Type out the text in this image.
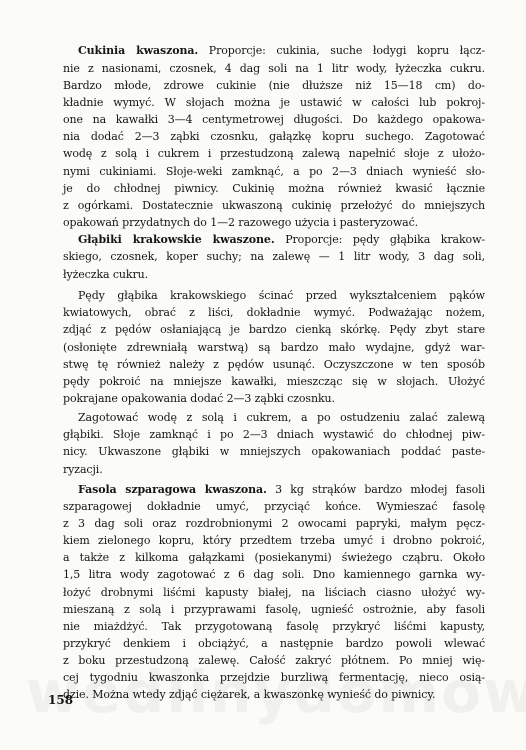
Cukinia kwaszona. Proporcje: cukinia, suche łodygi kopru łącz-
nie z nasionami, czosnek, 4 dag soli na 1 litr wody, łyżeczka cukru.
Bardzo młode, zdrowe cukinie (nie dłuższe niż 15—18 cm) do-
kładnie wymyć. W słojach można je ustawić w całości lub pokroj-
one na kawałki 3—4 centymetrowej długości. Do każdego opakowa-
nia dodać 2—3 ząbki czosnku, gałązkę kopru suchego. Zagotować
wodę z solą i cukrem i przestudzoną zalewą napełnić słoje z ułożo-
nymi cukiniami. Słoje-weki zamknąć, a po 2—3 dniach wynieść sło-
je do chłodnej piwnicy. Cukinię można również kwasić łącznie
z ogórkami. Dostatecznie ukwaszoną cukinię przełożyć do mniejszych
opakowań przydatnych do 1—2 razowego użycia i pasteryzować.
Głąbiki krakowskie kwaszone. Proporcje: pędy głąbika krakow-
skiego, czosnek, koper suchy; na zalewę — 1 litr wody, 3 dag soli,
łyżeczka cukru.
Pędy głąbika krakowskiego ścinać przed wykształceniem pąków
kwiatowych, obrać z liści, dokładnie wymyć. Podważając nożem,
zdjąć z pędów osłaniającą je bardzo cienką skórkę. Pędy zbyt stare
(osłonięte zdrewniałą warstwą) są bardzo mało wydajne, gdyż war-
stwę tę również należy z pędów usunąć. Oczyszczone w ten sposób
pędy pokroić na mniejsze kawałki, mieszcząc się w słojach. Ułożyć
pokrajane opakowania dodać 2—3 ząbki czosnku.
Zagotować wodę z solą i cukrem, a po ostudzeniu zalać zalewą
głąbiki. Słoje zamknąć i po 2—3 dniach wystawić do chłodnej piw-
nicy. Ukwaszone głąbiki w mniejszych opakowaniach poddać paste-
ryzacji.
Fasola szparagowa kwaszona. 3 kg strąków bardzo młodej fasoli
szparagowej dokładnie umyć, przyciąć końce. Wymieszać fasolę
z 3 dag soli oraz rozdrobnionymi 2 owocami papryki, małym pęcz-
kiem zielonego kopru, który przedtem trzeba umyć i drobno pokroić,
a także z kilkoma gałązkami (posiekanymi) świeżego cząbru. Około
1,5 litra wody zagotować z 6 dag soli. Dno kamiennego garnka wy-
łożyć drobnymi liśćmi kapusty białej, na liściach ciasno ułożyć wy-
mieszaną z solą i przyprawami fasolę, ugnieść ostrożnie, aby fasoli
nie miażdżyć. Tak przygotowaną fasolę przykryć liśćmi kapusty,
przykryć denkiem i obciążyć, a następnie bardzo powoli wlewać
z boku przestudzoną zalewę. Całość zakryć płótnem. Po mniej wię-
cej tygodniu kwaszonka przejdzie burzliwą fermentację, nieco osią-
dzie. Można wtedy zdjąć ciężarek, a kwaszonkę wynieść do piwnicy.
158
